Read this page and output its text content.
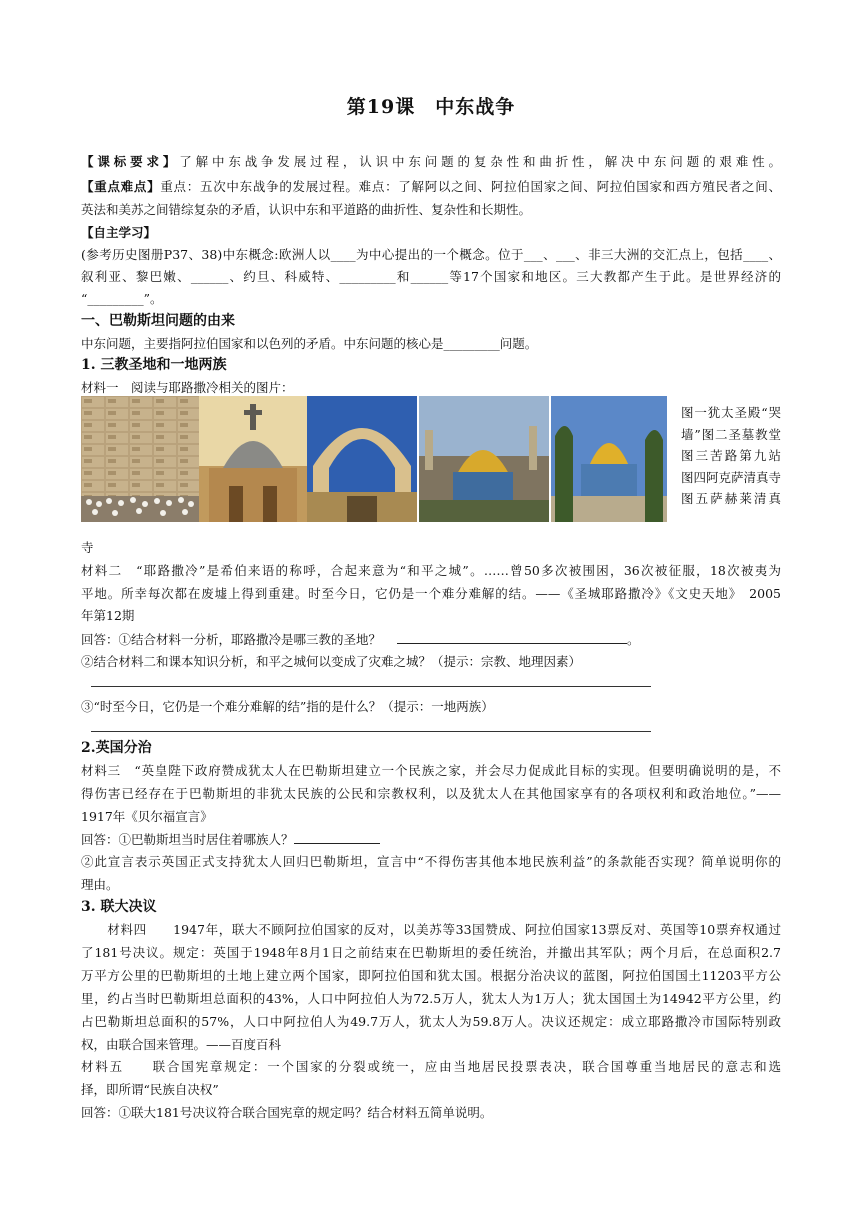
第19课　中东战争
【课标要求】了解中东战争发展过程，认识中东问题的复杂性和曲折性，解决中东问题的艰难性。
【重点难点】重点：五次中东战争的发展过程。难点：了解阿以之间、阿拉伯国家之间、阿拉伯国家和西方殖民者之间、
英法和美苏之间错综复杂的矛盾，认识中东和平道路的曲折性、复杂性和长期性。
【自主学习】
(参考历史图册P37、38)中东概念:欧洲人以____为中心提出的一个概念。位于___、___、非三大洲的交汇点上，包括____、
叙利亚、黎巴嫩、______、约旦、科威特、_________和______等17个国家和地区。三大教都产生于此。是世界经济的
“_________”。
一、巴勒斯坦问题的由来
中东问题，主要指阿拉伯国家和以色列的矛盾。中东问题的核心是_________问题。
1. 三教圣地和一地两族
材料一　阅读与耶路撒冷相关的图片：
图一犹太圣殿“哭墙”图二圣墓教堂　图三苦路第九站　图四阿克萨清真寺图五萨赫莱清真
寺
材料二　“耶路撒冷”是希伯来语的称呼，合起来意为“和平之城”。……曾50多次被围困，36次被征服，18次被夷为
平地。所幸每次都在废墟上得到重建。时至今日，它仍是一个难分难解的结。——《圣城耶路撒冷》《文史天地》　2005
年第12期
回答：①结合材料一分析，耶路撒冷是哪三教的圣地？	。
②结合材料二和课本知识分析，和平之城何以变成了灾难之城？（提示：宗教、地理因素）
③“时至今日，它仍是一个难分难解的结”指的是什么？（提示：一地两族）
2.英国分治
材料三　“英皇陛下政府赞成犹太人在巴勒斯坦建立一个民族之家，并会尽力促成此目标的实现。但要明确说明的是，不
得伤害已经存在于巴勒斯坦的非犹太民族的公民和宗教权利，以及犹太人在其他国家享有的各项权利和政治地位。”——
1917年《贝尔福宣言》
回答：①巴勒斯坦当时居住着哪族人？
②此宣言表示英国正式支持犹太人回归巴勒斯坦，宣言中“不得伤害其他本地民族利益”的条款能否实现？简单说明你的
理由。
3. 联大决议
　　材料四　　1947年，联大不顾阿拉伯国家的反对，以美苏等33国赞成、阿拉伯国家13票反对、英国等10票弃权通过
了181号决议。规定：英国于1948年8月1日之前结束在巴勒斯坦的委任统治，并撤出其军队；两个月后，在总面积2.7
万平方公里的巴勒斯坦的土地上建立两个国家，即阿拉伯国和犹太国。根据分治决议的蓝图，阿拉伯国国土11203平方公
里，约占当时巴勒斯坦总面积的43%，人口中阿拉伯人为72.5万人，犹太人为1万人；犹太国国土为14942平方公里，约
占巴勒斯坦总面积的57%，人口中阿拉伯人为49.7万人，犹太人为59.8万人。决议还规定：成立耶路撒冷市国际特别政
权，由联合国来管理。——百度百科
材料五　　联合国宪章规定：一个国家的分裂或统一，应由当地居民投票表决，联合国尊重当地居民的意志和选
择，即所谓“民族自决权”
回答：①联大181号决议符合联合国宪章的规定吗？结合材料五简单说明。
